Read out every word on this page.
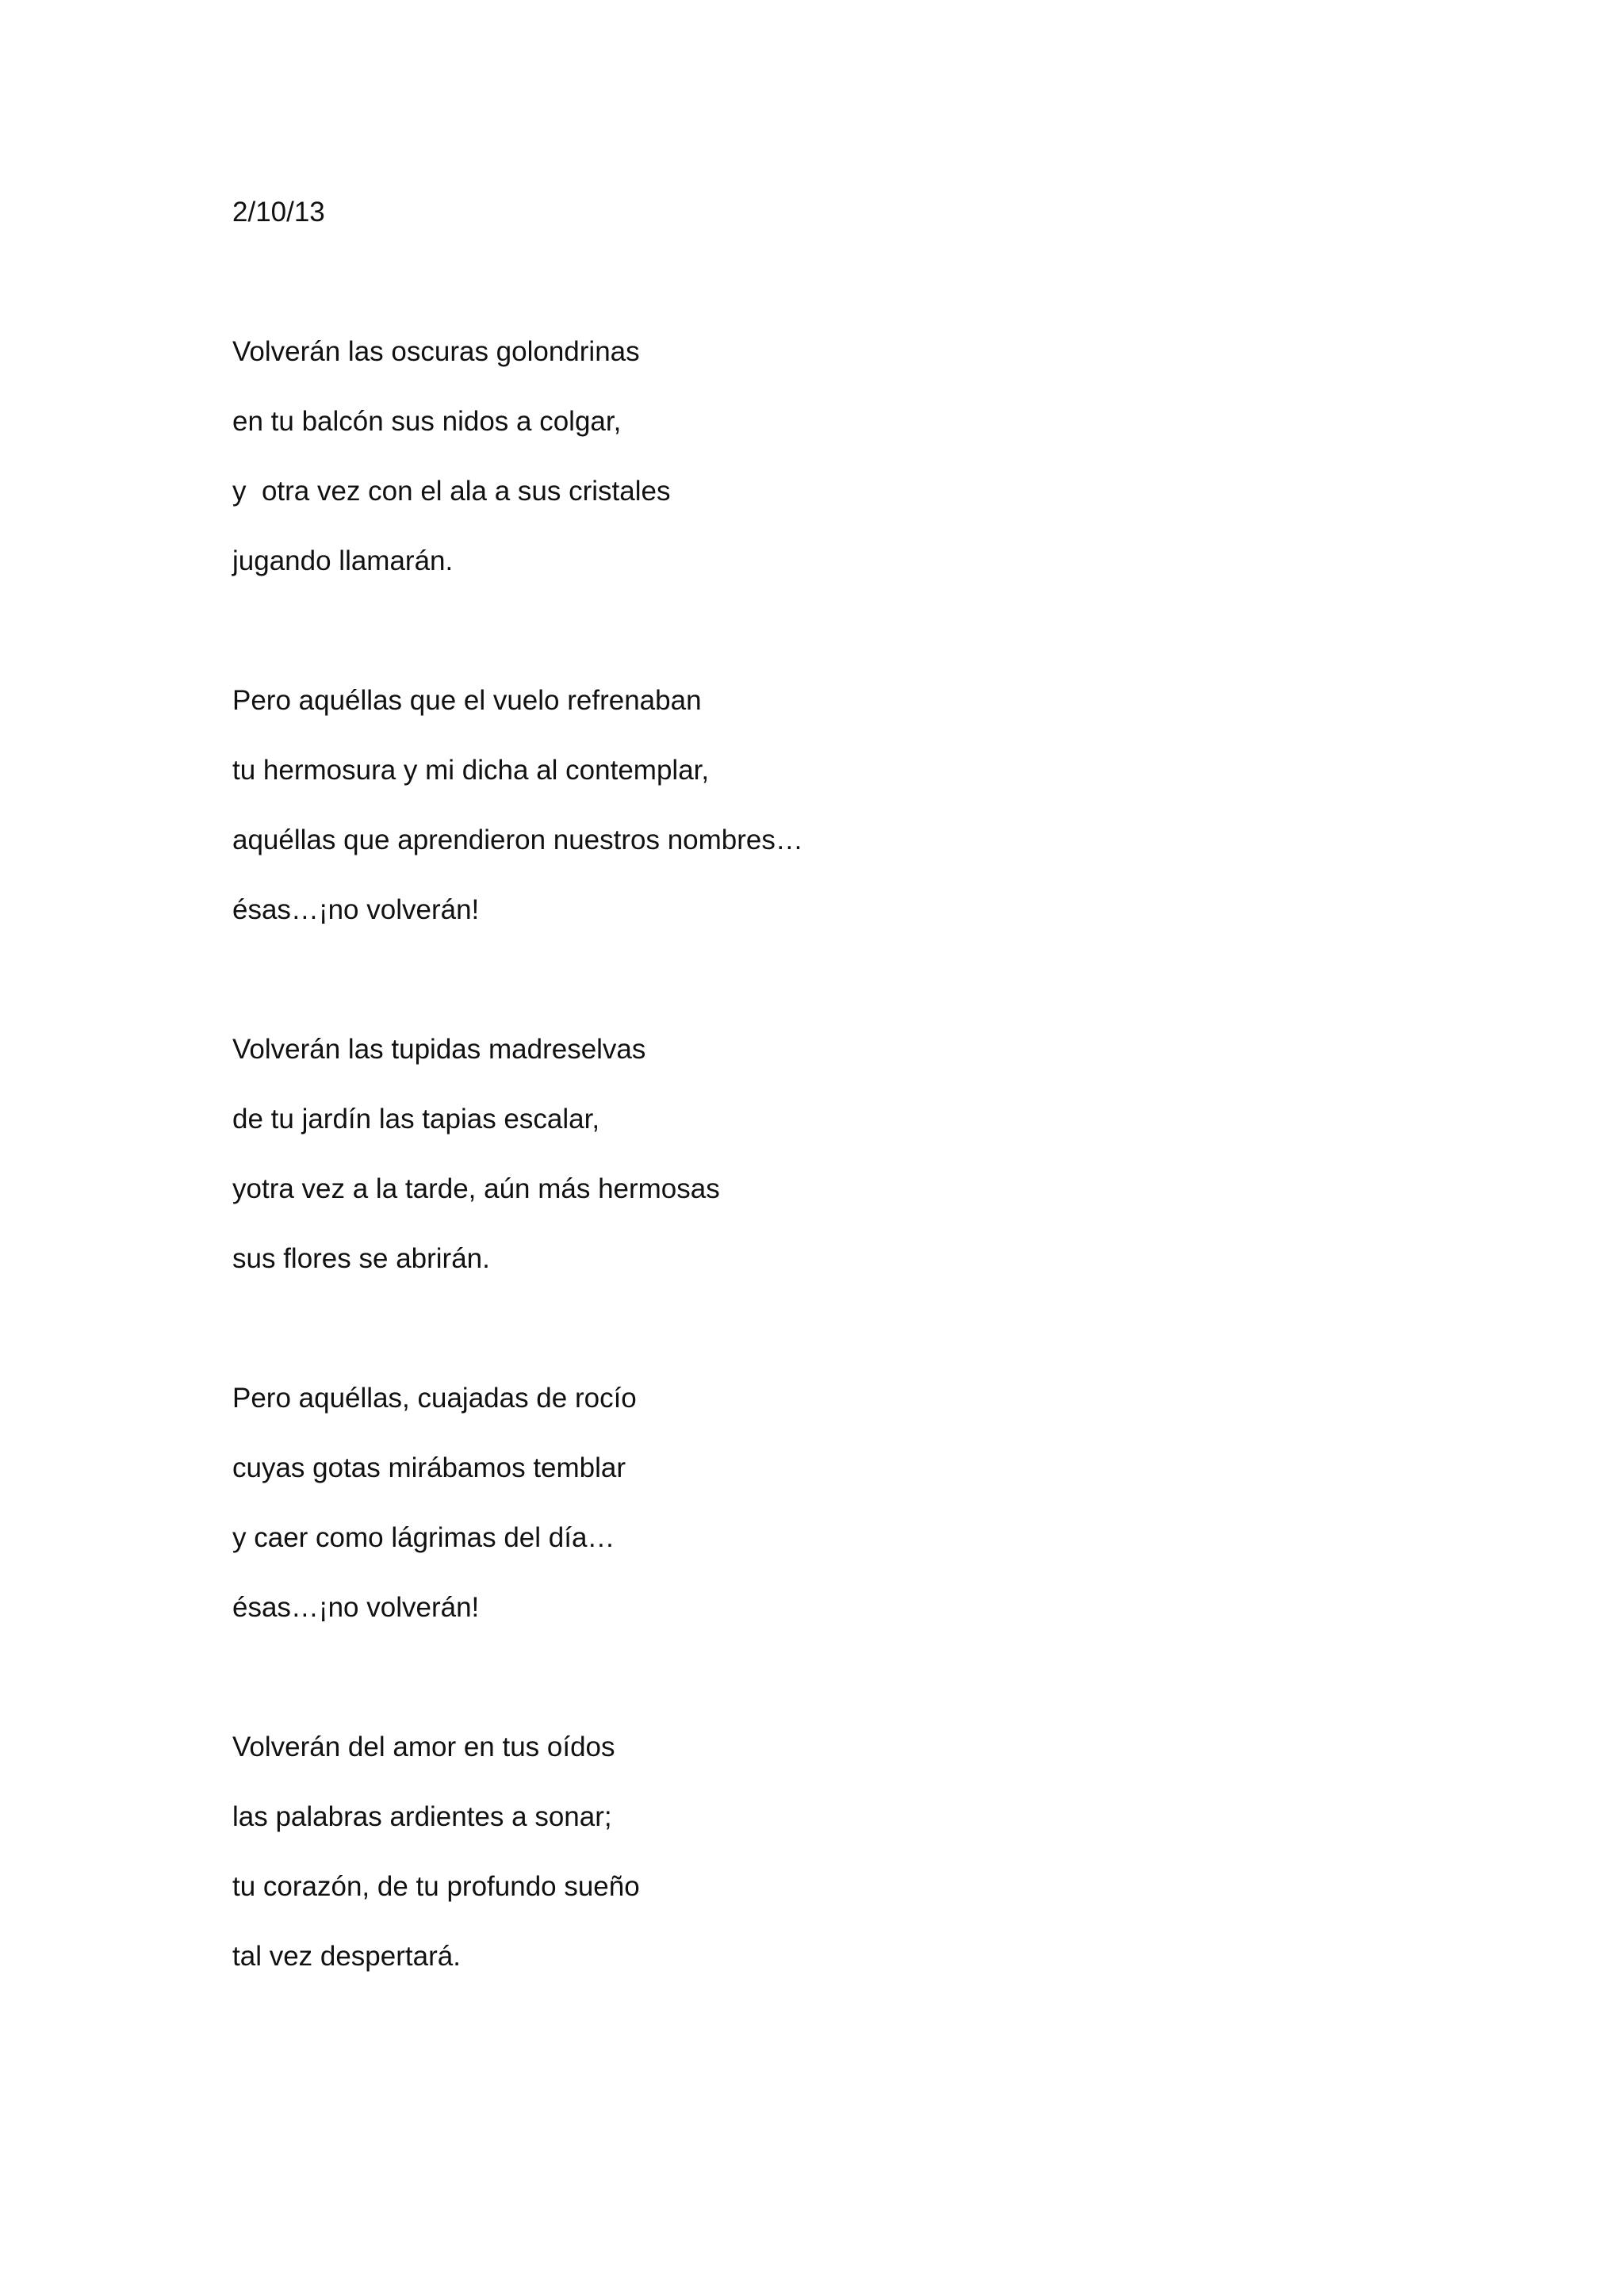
2/10/13
Volverán las oscuras golondrinas
en tu balcón sus nidos a colgar,
y  otra vez con el ala a sus cristales
jugando llamarán.
Pero aquéllas que el vuelo refrenaban
tu hermosura y mi dicha al contemplar,
aquéllas que aprendieron nuestros nombres…
ésas…¡no volverán!
Volverán las tupidas madreselvas
de tu jardín las tapias escalar,
yotra vez a la tarde, aún más hermosas
sus flores se abrirán.
Pero aquéllas, cuajadas de rocío
cuyas gotas mirábamos temblar
y caer como lágrimas del día…
ésas…¡no volverán!
Volverán del amor en tus oídos
las palabras ardientes a sonar;
tu corazón, de tu profundo sueño
tal vez despertará.
